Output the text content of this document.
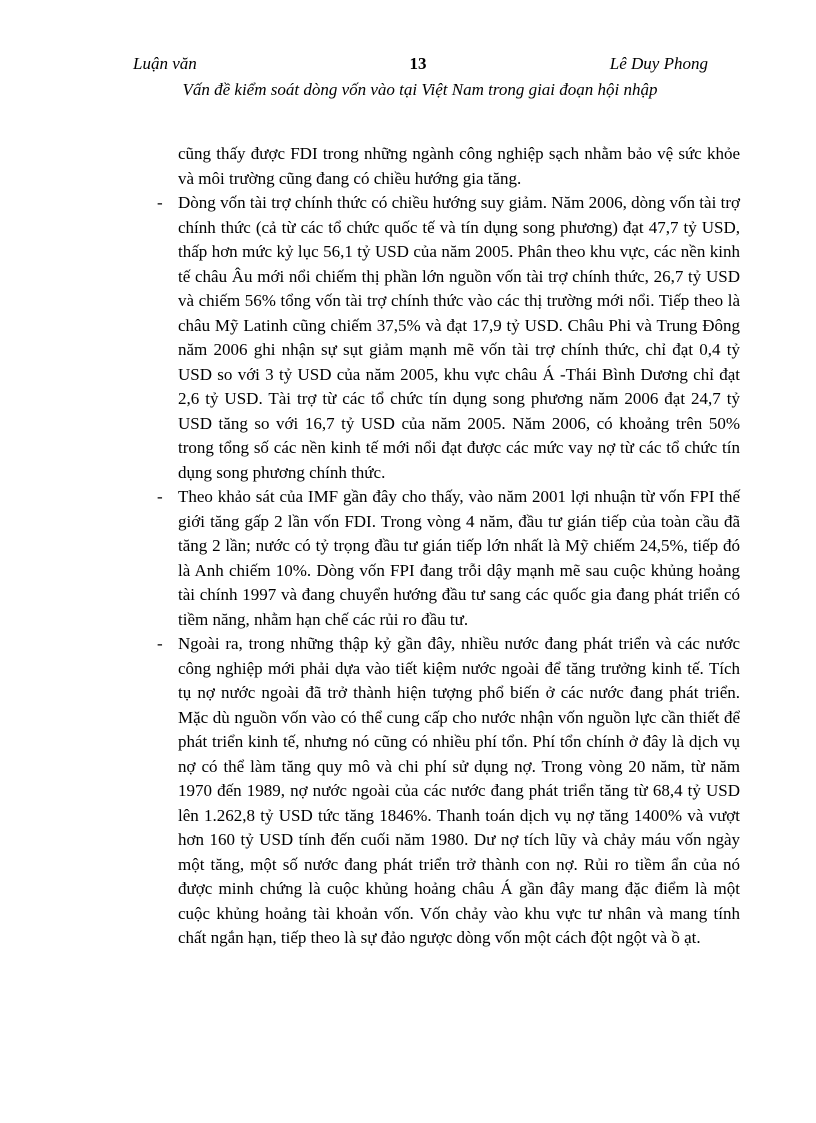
Luận văn	13	Lê Duy Phong
Vấn đề kiểm soát dòng vốn vào tại Việt Nam trong giai đoạn hội nhập

cũng thấy được FDI trong những ngành công nghiệp sạch nhằm bảo vệ sức khỏe và môi trường cũng đang có chiều hướng gia tăng.

- Dòng vốn tài trợ chính thức có chiều hướng suy giảm. Năm 2006, dòng vốn tài trợ chính thức (cả từ các tổ chức quốc tế và tín dụng song phương) đạt 47,7 tỷ USD, thấp hơn mức kỷ lục 56,1 tỷ USD của năm 2005. Phân theo khu vực, các nền kinh tế châu Âu mới nổi chiếm thị phần lớn nguồn vốn tài trợ chính thức, 26,7 tỷ USD và chiếm 56% tổng vốn tài trợ chính thức vào các thị trường mới nổi. Tiếp theo là châu Mỹ Latinh cũng chiếm 37,5% và đạt 17,9 tỷ USD. Châu Phi và Trung Đông năm 2006 ghi nhận sự sụt giảm mạnh mẽ vốn tài trợ chính thức, chỉ đạt 0,4 tỷ USD so với 3 tỷ USD của năm 2005, khu vực châu Á -Thái Bình Dương chỉ đạt 2,6 tỷ USD. Tài trợ từ các tổ chức tín dụng song phương năm 2006 đạt 24,7 tỷ USD tăng so với 16,7 tỷ USD của năm 2005. Năm 2006, có khoảng trên 50% trong tổng số các nền kinh tế mới nổi đạt được các mức vay nợ từ các tổ chức tín dụng song phương chính thức.
- Theo khảo sát của IMF gần đây cho thấy, vào năm 2001 lợi nhuận từ vốn FPI thế giới tăng gấp 2 lần vốn FDI. Trong vòng 4 năm, đầu tư gián tiếp của toàn cầu đã tăng 2 lần; nước có tỷ trọng đầu tư gián tiếp lớn nhất là Mỹ chiếm 24,5%, tiếp đó là Anh chiếm 10%. Dòng vốn FPI đang trỗi dậy mạnh mẽ sau cuộc khủng hoảng tài chính 1997 và đang chuyển hướng đầu tư sang các quốc gia đang phát triển có tiềm năng, nhằm hạn chế các rủi ro đầu tư.
- Ngoài ra, trong những thập kỷ gần đây, nhiều nước đang phát triển và các nước công nghiệp mới phải dựa vào tiết kiệm nước ngoài để tăng trưởng kinh tế. Tích tụ nợ nước ngoài đã trở thành hiện tượng phổ biến ở các nước đang phát triển. Mặc dù nguồn vốn vào có thể cung cấp cho nước nhận vốn nguồn lực cần thiết để phát triển kinh tế, nhưng nó cũng có nhiều phí tổn. Phí tổn chính ở đây là dịch vụ nợ có thể làm tăng quy mô và chi phí sử dụng nợ. Trong vòng 20 năm, từ năm 1970 đến 1989, nợ nước ngoài của các nước đang phát triển tăng từ 68,4 tỷ USD lên 1.262,8 tỷ USD tức tăng 1846%. Thanh toán dịch vụ nợ tăng 1400% và vượt hơn 160 tỷ USD tính đến cuối năm 1980. Dư nợ tích lũy và chảy máu vốn ngày một tăng, một số nước đang phát triển trở thành con nợ. Rủi ro tiềm ẩn của nó được minh chứng là cuộc khủng hoảng châu Á gần đây mang đặc điểm là một cuộc khủng hoảng tài khoản vốn. Vốn chảy vào khu vực tư nhân và mang tính chất ngắn hạn, tiếp theo là sự đảo ngược dòng vốn một cách đột ngột và ồ ạt.
